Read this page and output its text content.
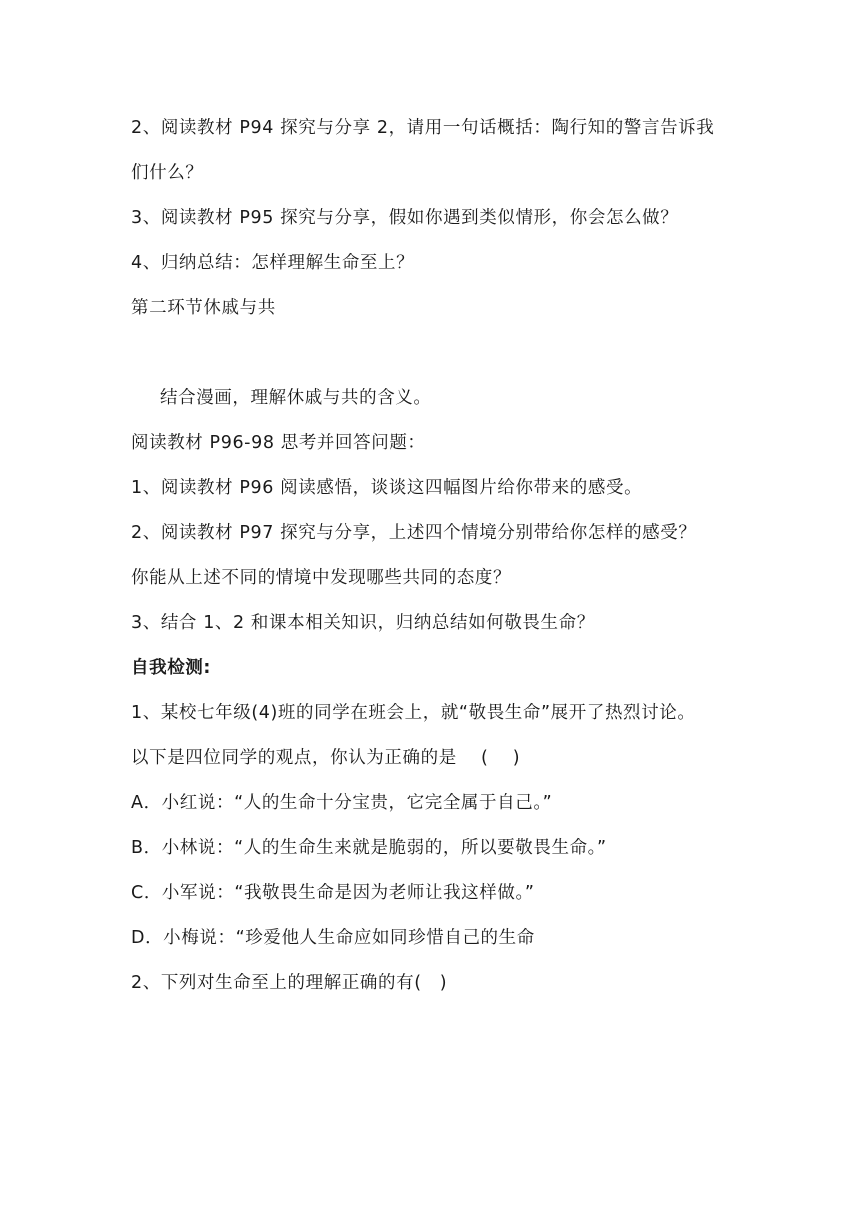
2、阅读教材 P94 探究与分享 2，请用一句话概括：陶行知的警言告诉我
们什么？
3、阅读教材 P95 探究与分享，假如你遇到类似情形，你会怎么做？
4、归纳总结：怎样理解生命至上？
第二环节休戚与共
结合漫画，理解休戚与共的含义。
阅读教材 P96-98 思考并回答问题：
1、阅读教材 P96 阅读感悟，谈谈这四幅图片给你带来的感受。
2、阅读教材 P97 探究与分享，上述四个情境分别带给你怎样的感受？
你能从上述不同的情境中发现哪些共同的态度？
3、结合 1、2 和课本相关知识，归纳总结如何敬畏生命？
自我检测:
1、某校七年级(4)班的同学在班会上，就“敬畏生命”展开了热烈讨论。
以下是四位同学的观点，你认为正确的是　 (　 )
A．小红说：“人的生命十分宝贵，它完全属于自己。”
B．小林说：“人的生命生来就是脆弱的，所以要敬畏生命。”
C．小军说：“我敬畏生命是因为老师让我这样做。”
D．小梅说：“珍爱他人生命应如同珍惜自己的生命
2、下列对生命至上的理解正确的有(　)
